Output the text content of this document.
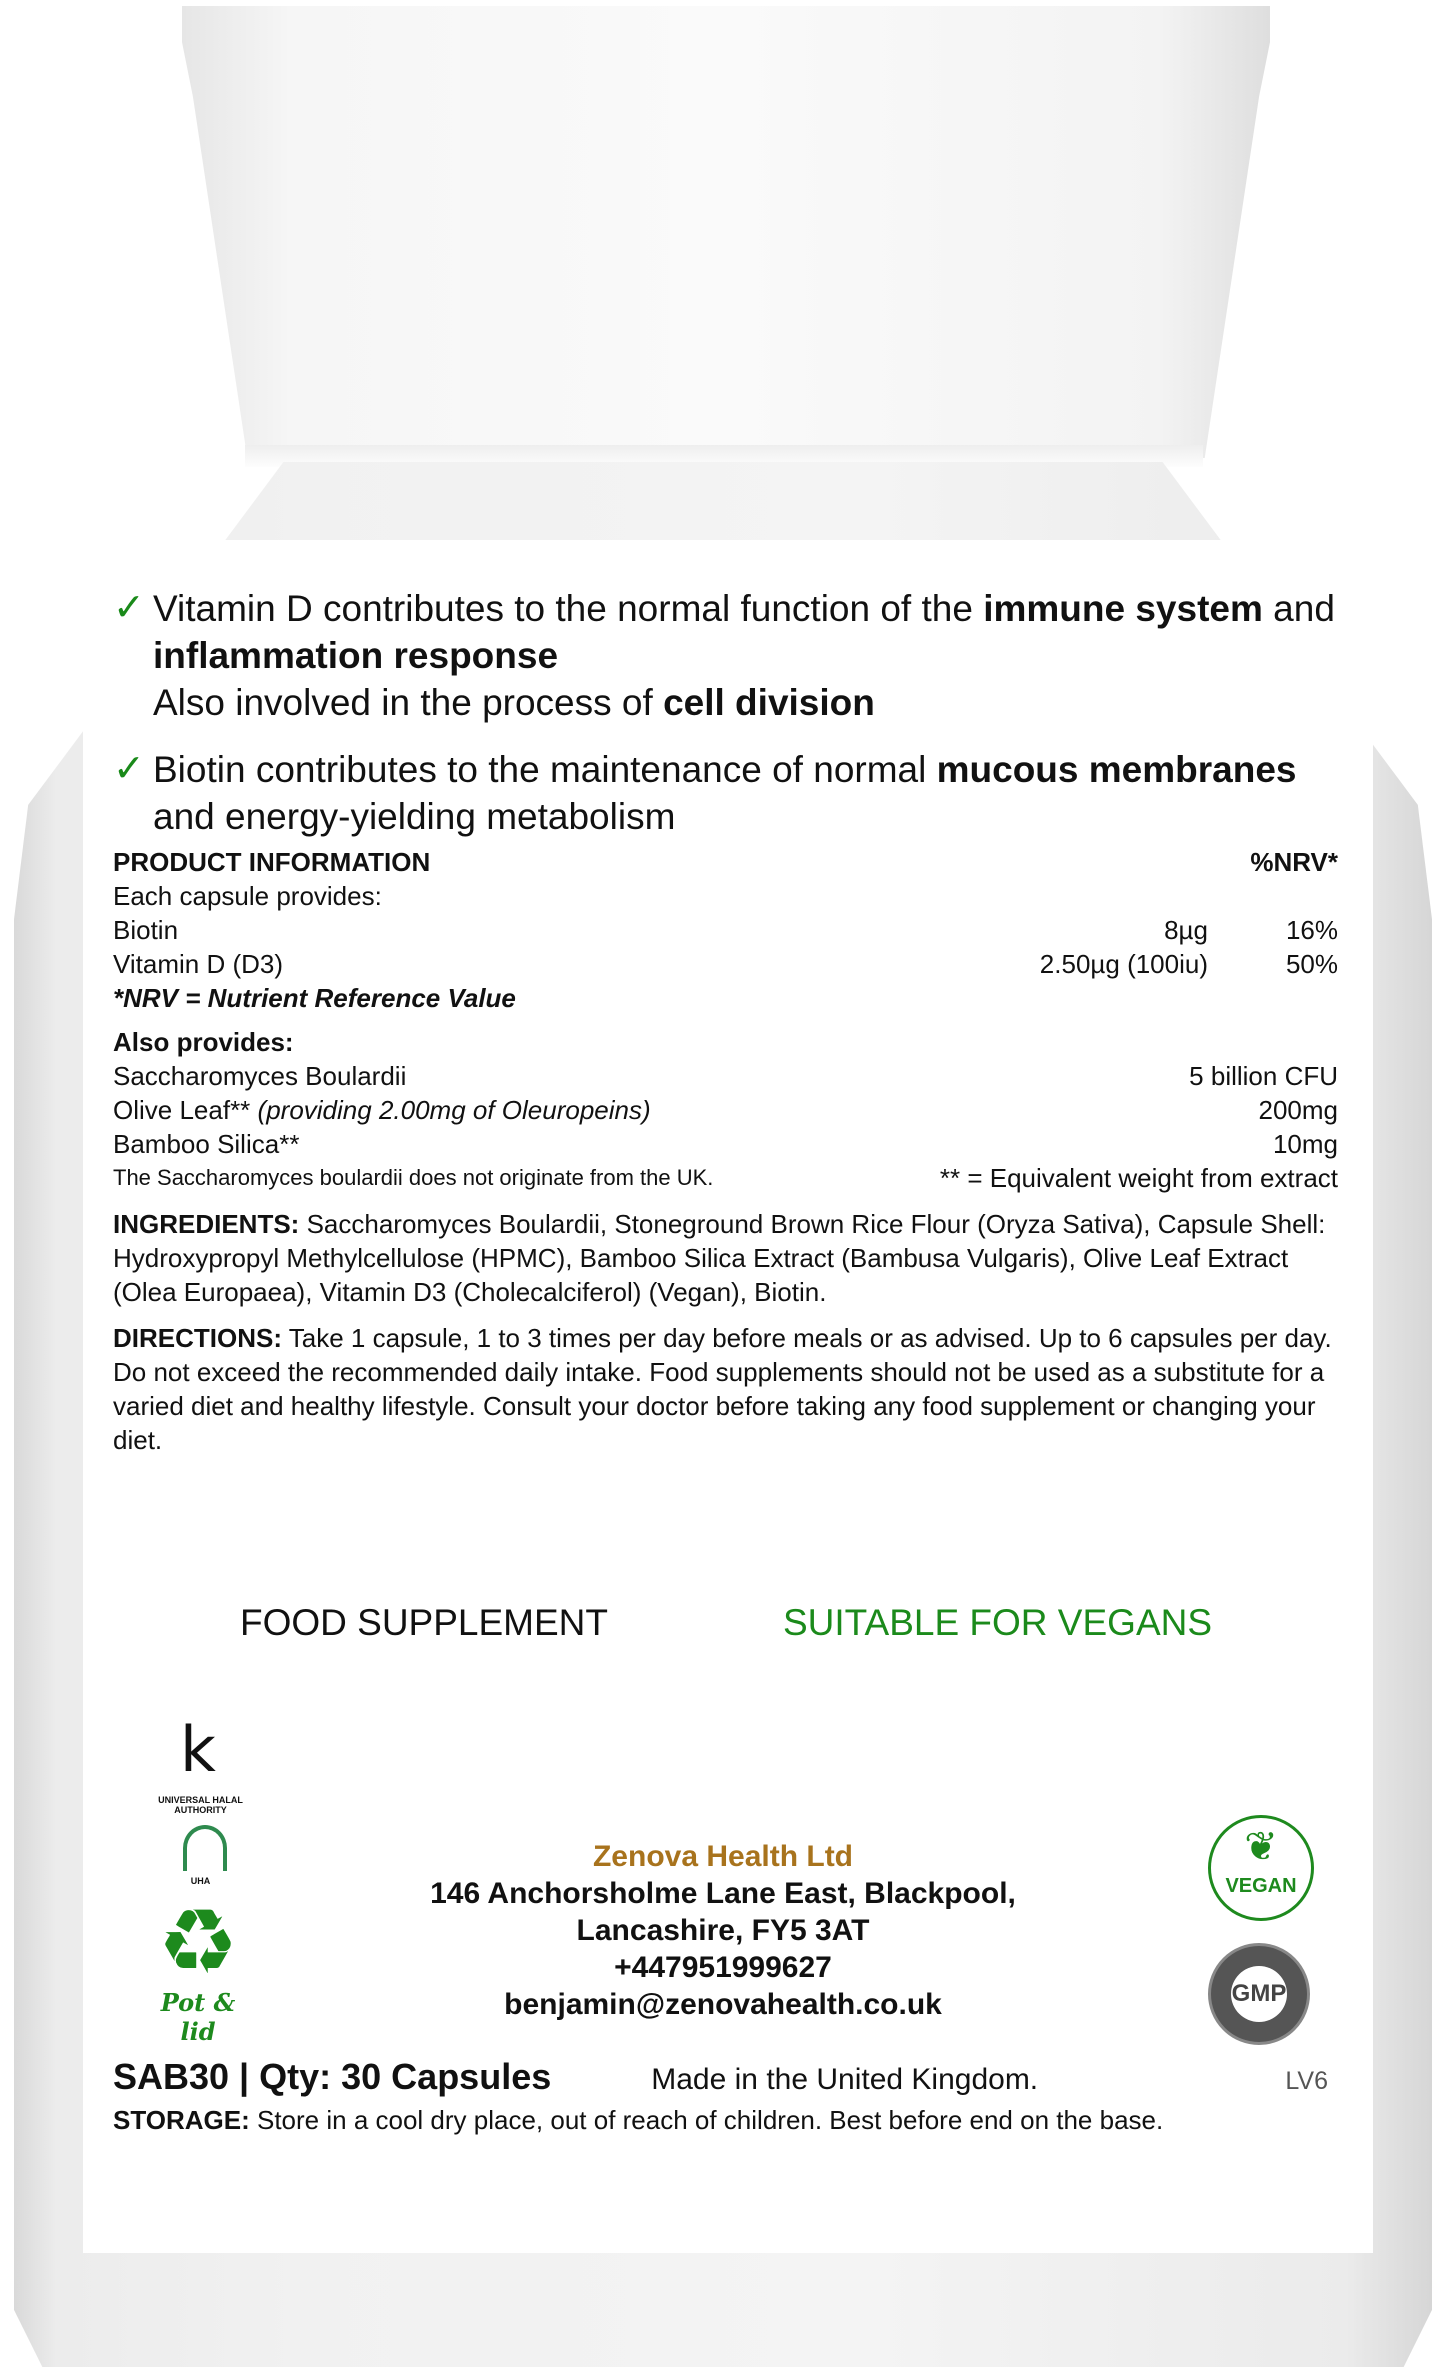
✓ Vitamin D contributes to the normal function of the immune system and inflammation response
Also involved in the process of cell division
✓ Biotin contributes to the maintenance of normal mucous membranes and energy-yielding metabolism
PRODUCT INFORMATION	%NRV*
Each capsule provides:
Biotin	8µg	16%
Vitamin D (D3)	2.50µg (100iu)	50%
*NRV = Nutrient Reference Value
Also provides:
Saccharomyces Boulardii	5 billion CFU
Olive Leaf** (providing 2.00mg of Oleuropeins)	200mg
Bamboo Silica**	10mg
The Saccharomyces boulardii does not originate from the UK.	** = Equivalent weight from extract
INGREDIENTS: Saccharomyces Boulardii, Stoneground Brown Rice Flour (Oryza Sativa), Capsule Shell: Hydroxypropyl Methylcellulose (HPMC), Bamboo Silica Extract (Bambusa Vulgaris), Olive Leaf Extract (Olea Europaea), Vitamin D3 (Cholecalciferol) (Vegan), Biotin.
DIRECTIONS: Take 1 capsule, 1 to 3 times per day before meals or as advised. Up to 6 capsules per day.
Do not exceed the recommended daily intake. Food supplements should not be used as a substitute for a varied diet and healthy lifestyle. Consult your doctor before taking any food supplement or changing your diet.
FOOD SUPPLEMENT	SUITABLE FOR VEGANS
k
UNIVERSAL HALAL AUTHORITY
UHA
♻
Pot & lid
Zenova Health Ltd
146 Anchorsholme Lane East, Blackpool,
Lancashire, FY5 3AT
+447951999627
benjamin@zenovahealth.co.uk
❦
VEGAN
GMP
SAB30 | Qty: 30 Capsules	Made in the United Kingdom.	LV6
STORAGE: Store in a cool dry place, out of reach of children. Best before end on the base.
